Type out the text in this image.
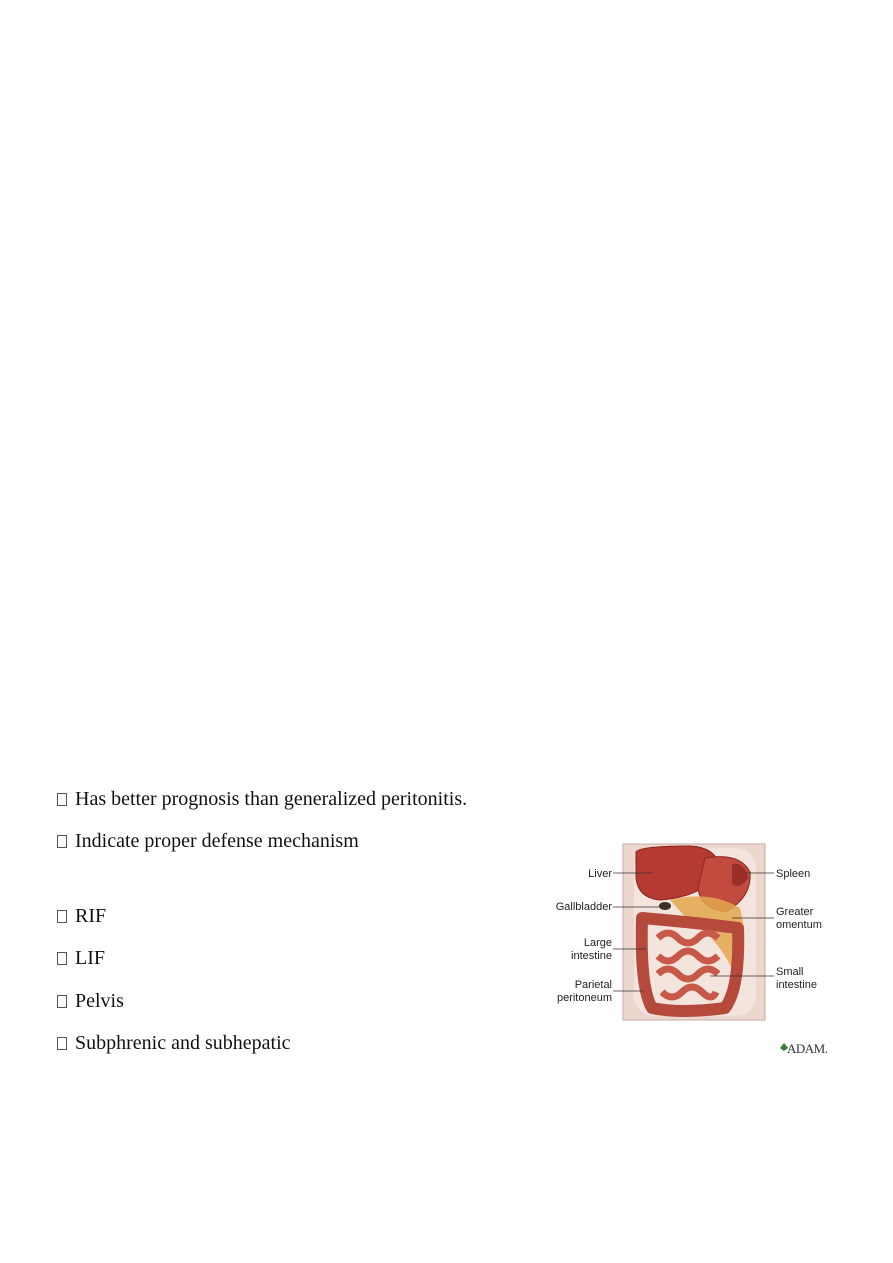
Has better prognosis than generalized peritonitis.
Indicate proper defense mechanism
RIF
LIF
Pelvis
Subphrenic and subhepatic
Liver
Gallbladder
Large
intestine
Parietal
peritoneum
Spleen
Greater
omentum
Small
intestine
ADAM.
